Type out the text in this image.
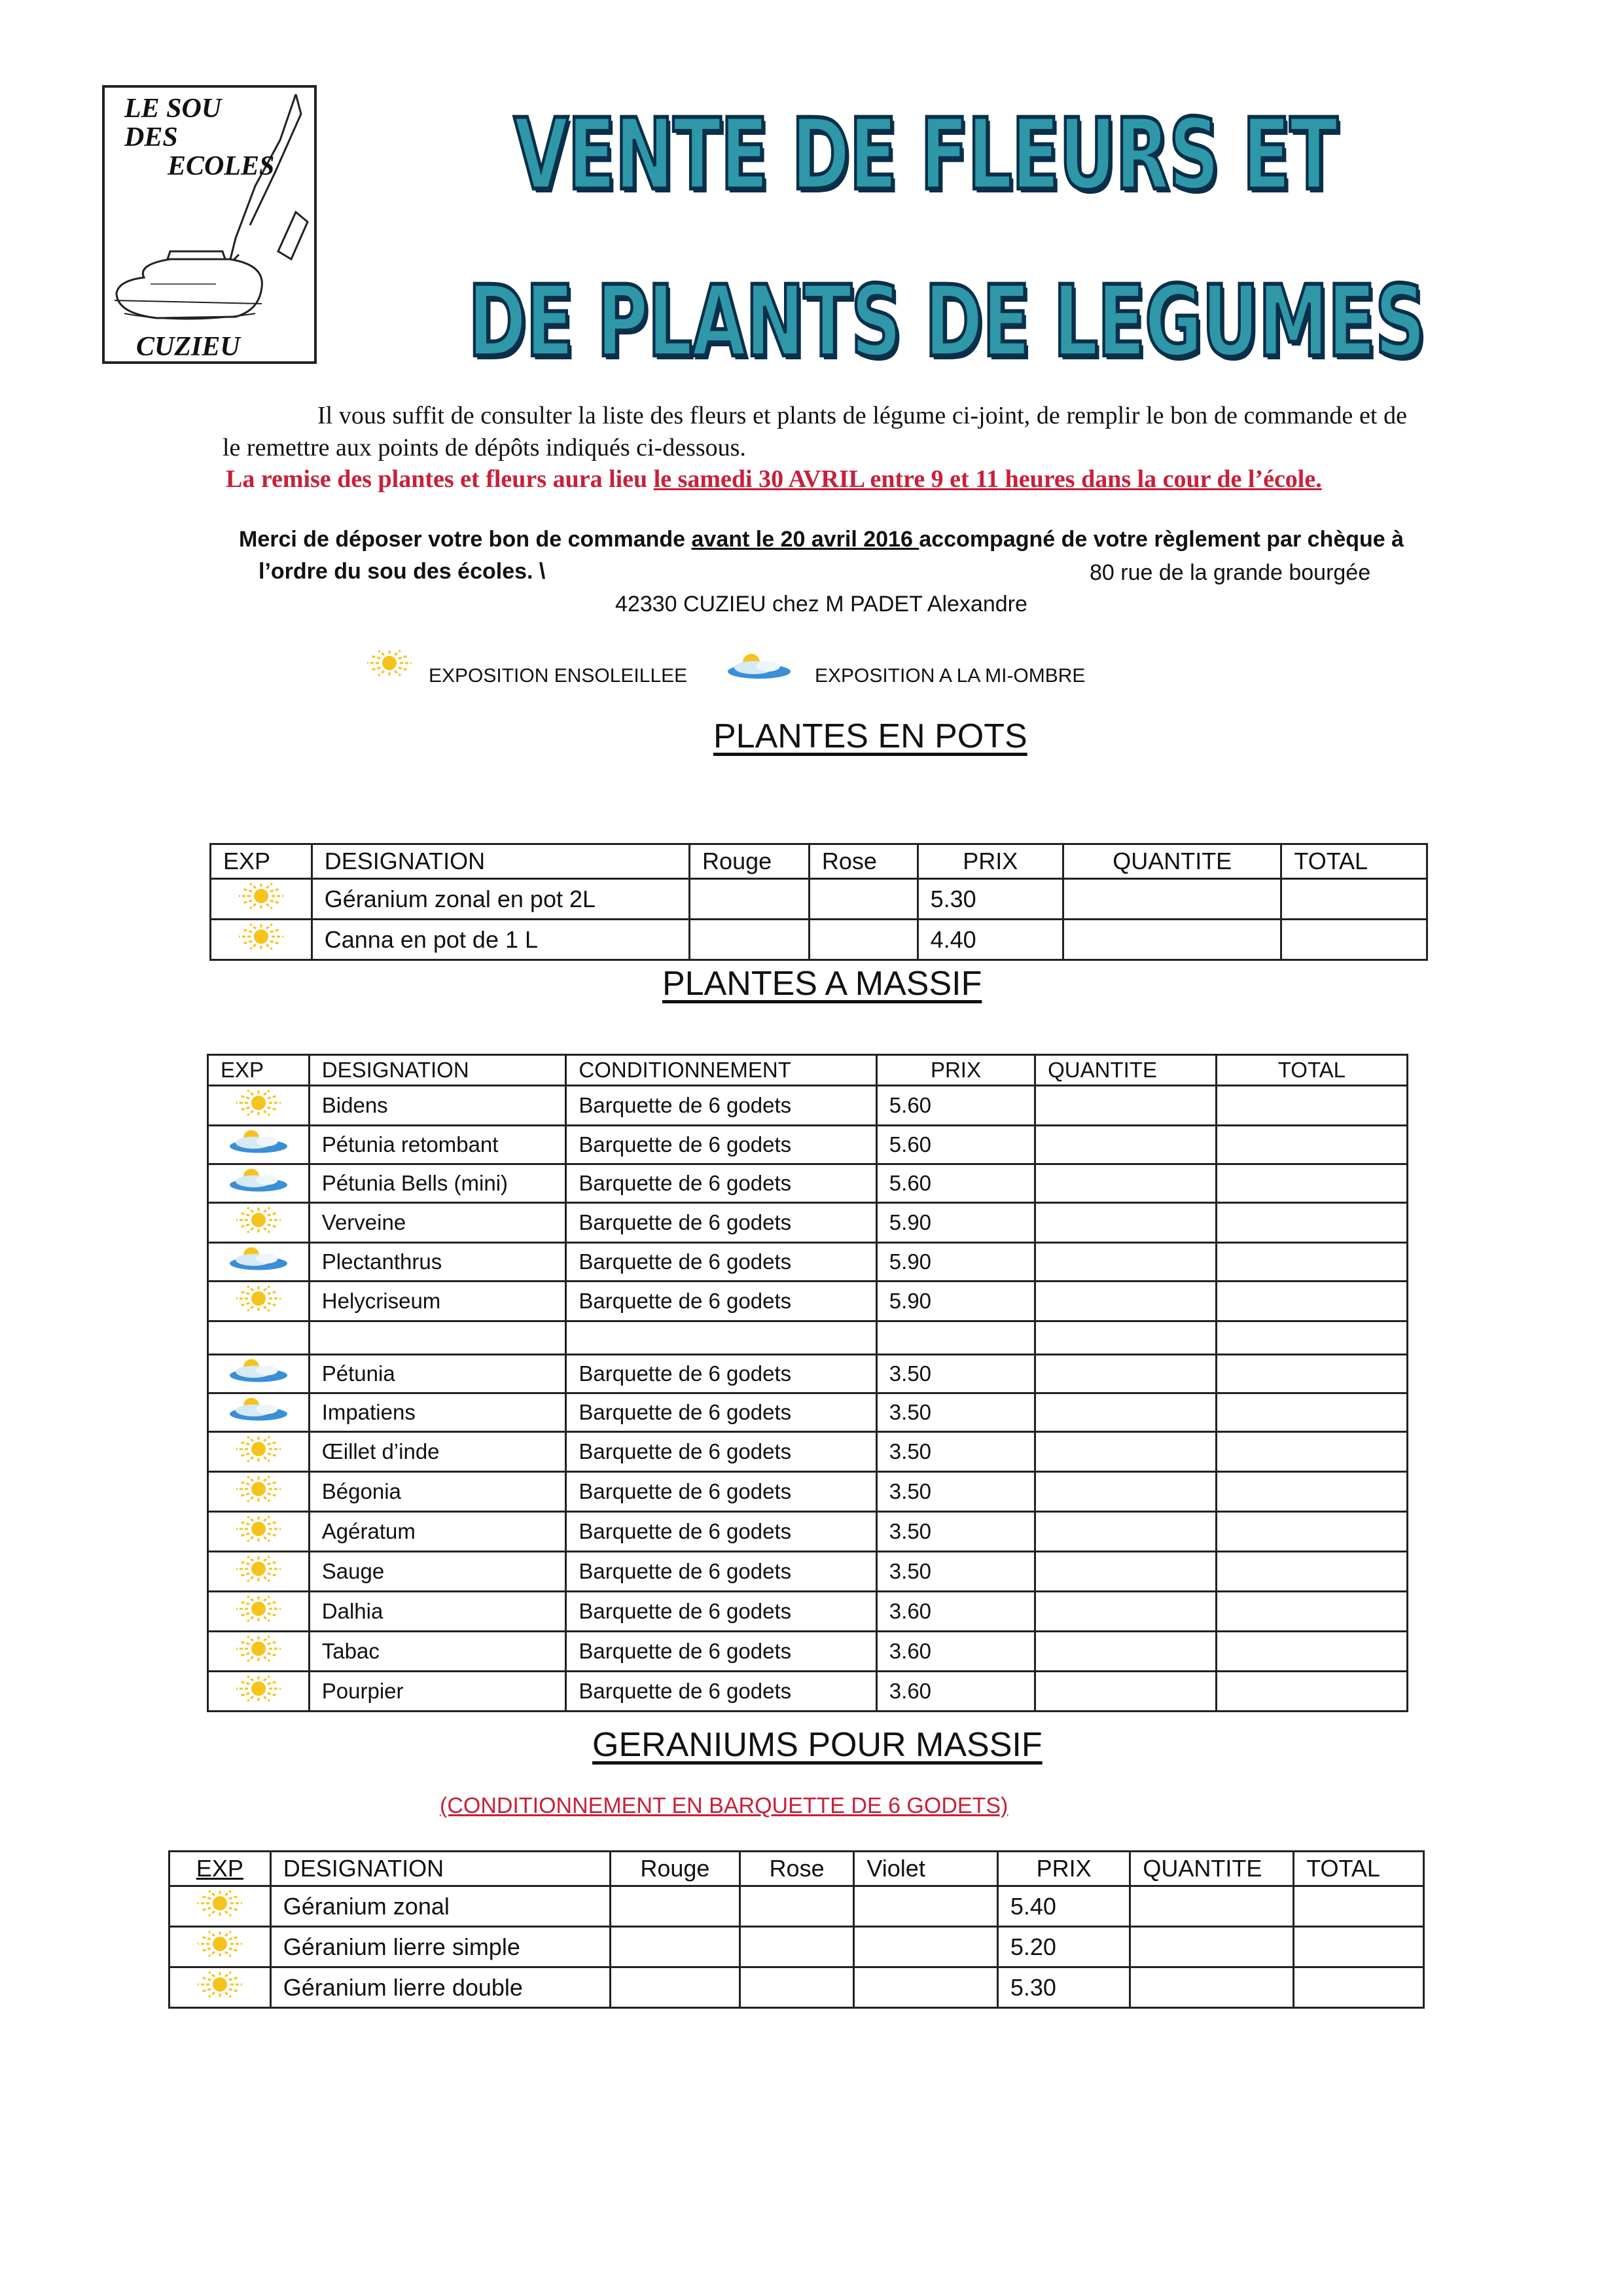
LE SOU
DES
ECOLES
CUZIEU
VENTE DE FLEURS ET
DE PLANTS DE LEGUMES
Il vous suffit de consulter la liste des fleurs et plants de légume ci-joint, de remplir le bon de commande et de le remettre aux points de dépôts indiqués ci-dessous.
La remise des plantes et fleurs aura lieu le samedi 30 AVRIL entre 9 et 11 heures dans la cour de l’école.
Merci de déposer votre bon de commande avant le 20 avril 2016 accompagné de votre règlement par chèque à
l’ordre du sou des écoles. \	80 rue de la grande bourgée
42330 CUZIEU chez M PADET Alexandre
EXPOSITION ENSOLEILLEE	EXPOSITION A LA MI-OMBRE
PLANTES EN POTS
EXP	DESIGNATION	Rouge	Rose	PRIX	QUANTITE	TOTAL
	Géranium zonal en pot 2L			5.30		
	Canna en pot de 1 L			4.40		
PLANTES A MASSIF
EXP	DESIGNATION	CONDITIONNEMENT	PRIX	QUANTITE	TOTAL
	Bidens	Barquette de 6 godets	5.60		
	Pétunia retombant	Barquette de 6 godets	5.60		
	Pétunia Bells (mini)	Barquette de 6 godets	5.60		
	Verveine	Barquette de 6 godets	5.90		
	Plectanthrus	Barquette de 6 godets	5.90		
	Helycriseum	Barquette de 6 godets	5.90		

	Pétunia	Barquette de 6 godets	3.50		
	Impatiens	Barquette de 6 godets	3.50		
	Œillet d’inde	Barquette de 6 godets	3.50		
	Bégonia	Barquette de 6 godets	3.50		
	Agératum	Barquette de 6 godets	3.50		
	Sauge	Barquette de 6 godets	3.50		
	Dalhia	Barquette de 6 godets	3.60		
	Tabac	Barquette de 6 godets	3.60		
	Pourpier	Barquette de 6 godets	3.60		
GERANIUMS POUR MASSIF
(CONDITIONNEMENT EN BARQUETTE DE 6 GODETS)
EXP	DESIGNATION	Rouge	Rose	Violet	PRIX	QUANTITE	TOTAL
	Géranium zonal				5.40		
	Géranium lierre simple				5.20		
	Géranium lierre double				5.30		
